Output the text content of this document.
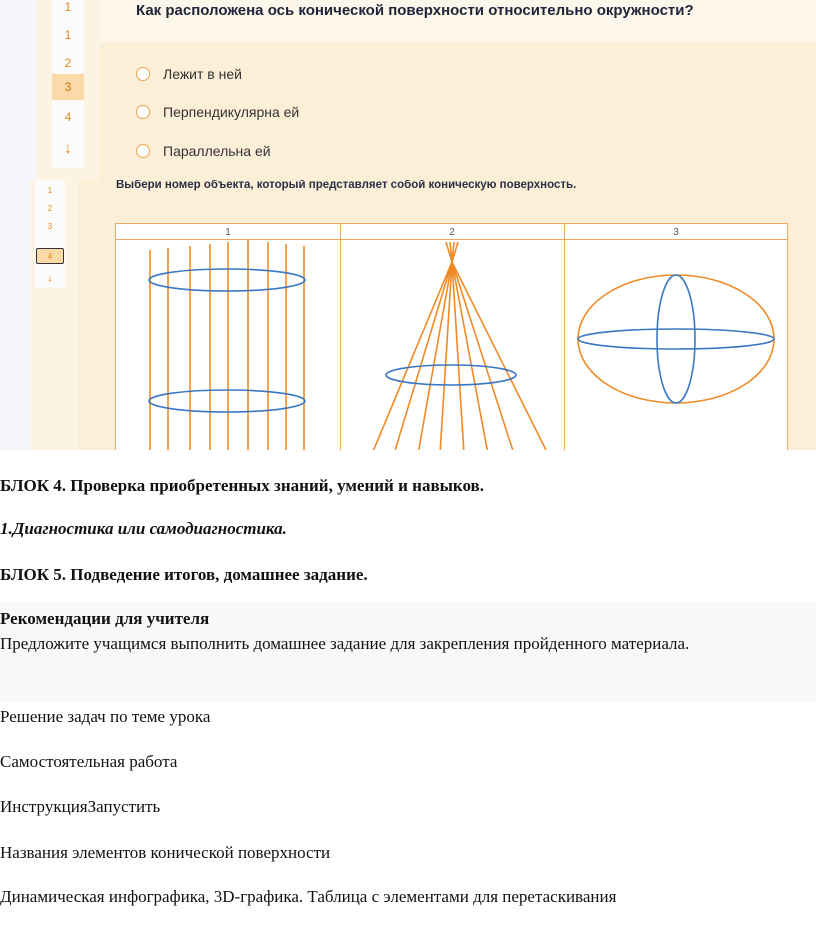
1
1
2
3
4
↓
Как расположена ось конической поверхности относительно окружности?
Лежит в ней
Перпендикулярна ей
Параллельна ей
1
2
3
4
↓
Выбери номер объекта, который представляет собой коническую поверхность.
1	2	3
БЛОК 4. Проверка приобретенных знаний, умений и навыков.
1.Диагностика или самодиагностика.
БЛОК 5. Подведение итогов, домашнее задание.
Рекомендации для учителя
Предложите учащимся выполнить домашнее задание для закрепления пройденного материала.
Решение задач по теме урока
Самостоятельная работа
ИнструкцияЗапустить
Названия элементов конической поверхности
Динамическая инфографика, 3D-графика. Таблица с элементами для перетаскивания
